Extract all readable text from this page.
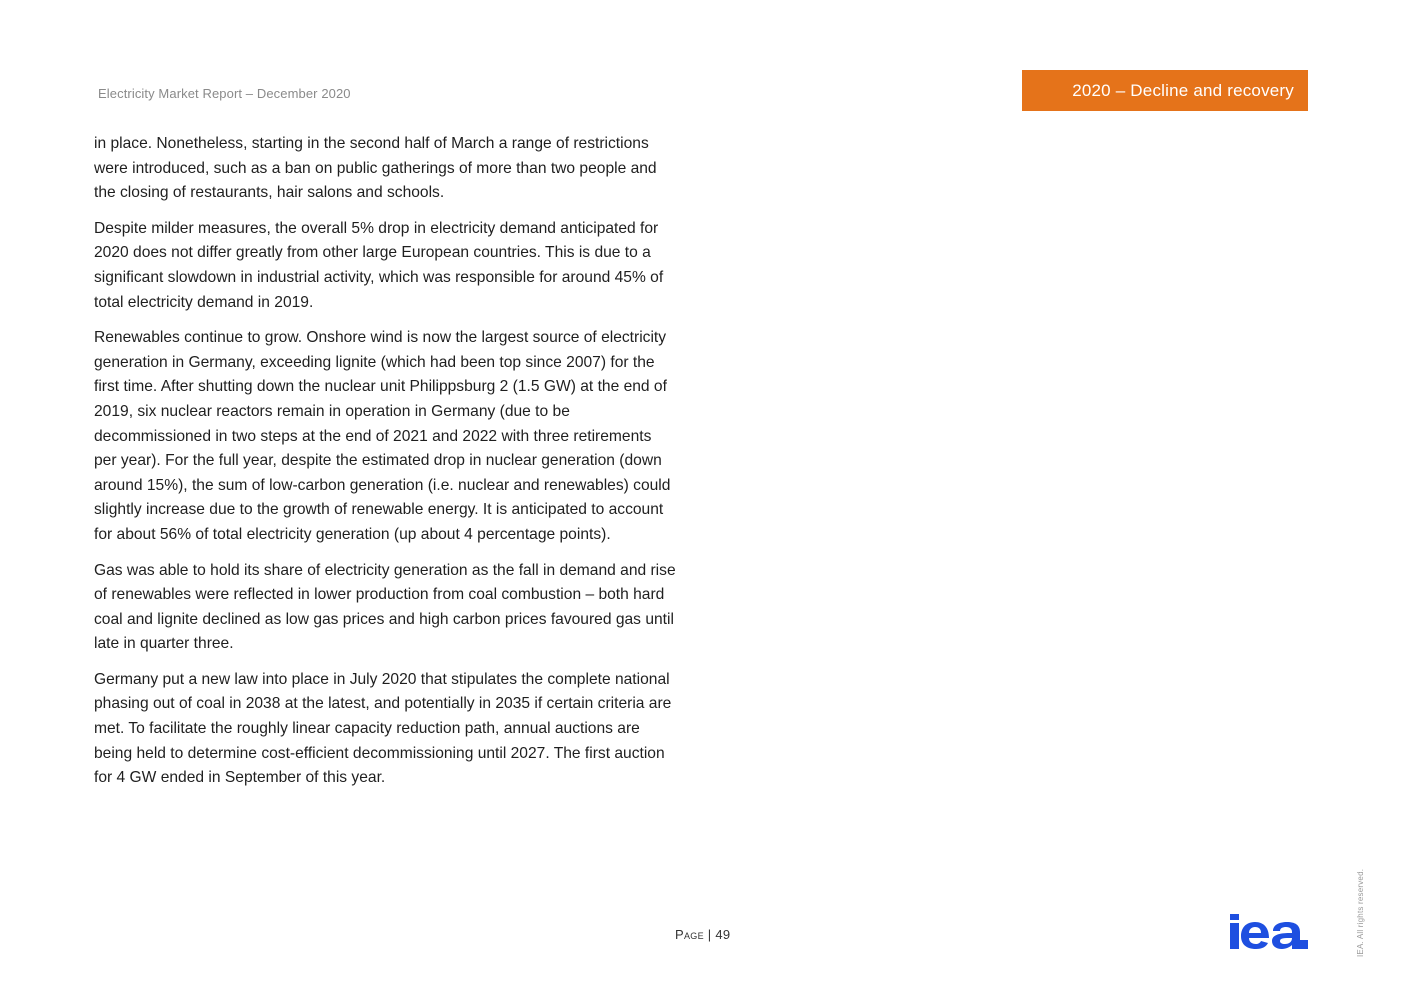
Electricity Market Report – December 2020	2020 – Decline and recovery

in place. Nonetheless, starting in the second half of March a range of restrictions were introduced, such as a ban on public gatherings of more than two people and the closing of restaurants, hair salons and schools.

Despite milder measures, the overall 5% drop in electricity demand anticipated for 2020 does not differ greatly from other large European countries. This is due to a significant slowdown in industrial activity, which was responsible for around 45% of total electricity demand in 2019.

Renewables continue to grow. Onshore wind is now the largest source of electricity generation in Germany, exceeding lignite (which had been top since 2007) for the first time. After shutting down the nuclear unit Philippsburg 2 (1.5 GW) at the end of 2019, six nuclear reactors remain in operation in Germany (due to be decommissioned in two steps at the end of 2021 and 2022 with three retirements per year). For the full year, despite the estimated drop in nuclear generation (down around 15%), the sum of low-carbon generation (i.e. nuclear and renewables) could slightly increase due to the growth of renewable energy. It is anticipated to account for about 56% of total electricity generation (up about 4 percentage points).

Gas was able to hold its share of electricity generation as the fall in demand and rise of renewables were reflected in lower production from coal combustion – both hard coal and lignite declined as low gas prices and high carbon prices favoured gas until late in quarter three.

Germany put a new law into place in July 2020 that stipulates the complete national phasing out of coal in 2038 at the latest, and potentially in 2035 if certain criteria are met. To facilitate the roughly linear capacity reduction path, annual auctions are being held to determine cost-efficient decommissioning until 2027. The first auction for 4 GW ended in September of this year.

Page | 49	IEA. All rights reserved.
